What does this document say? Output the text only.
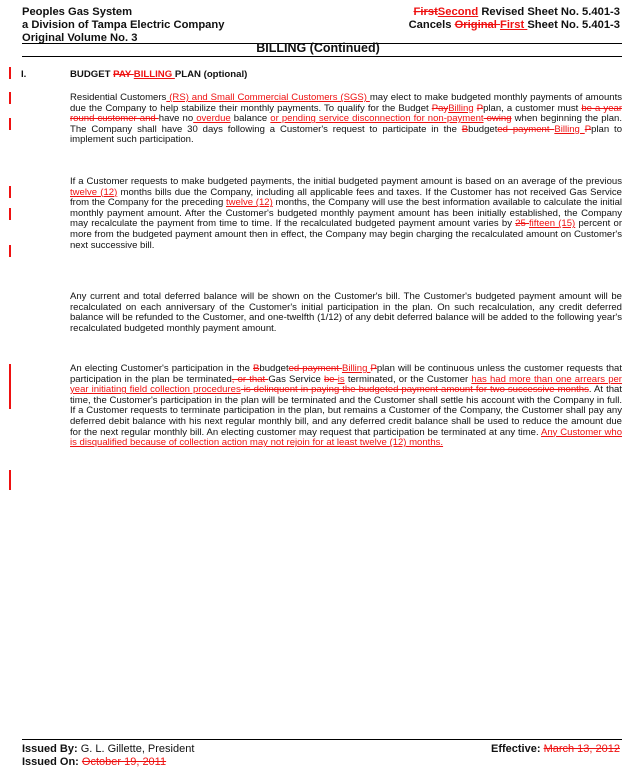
Peoples Gas System
a Division of Tampa Electric Company
Original Volume No. 3
FirstSecond Revised Sheet No. 5.401-3
Cancels Original First Sheet No. 5.401-3
BILLING (Continued)
I.	BUDGET PAY BILLING PLAN (optional)
Residential Customers (RS) and Small Commercial Customers (SGS) may elect to make budgeted monthly payments of amounts due the Company to help stabilize their monthly payments. To qualify for the Budget PayBilling Pplan, a customer must be a year round customer and have no overdue balance or pending service disconnection for non-payment owing when beginning the plan. The Company shall have 30 days following a Customer's request to participate in the Bbudgeted payment Billing Pplan to implement such participation.
If a Customer requests to make budgeted payments, the initial budgeted payment amount is based on an average of the previous twelve (12) months bills due the Company, including all applicable fees and taxes. If the Customer has not received Gas Service from the Company for the preceding twelve (12) months, the Company will use the best information available to calculate the initial monthly payment amount. After the Customer's budgeted monthly payment amount has been initially established, the Company may recalculate the payment from time to time. If the recalculated budgeted payment amount varies by 25 fifteen (15) percent or more from the budgeted payment amount then in effect, the Company may begin charging the recalculated amount on Customer's next successive bill.
Any current and total deferred balance will be shown on the Customer's bill. The Customer's budgeted payment amount will be recalculated on each anniversary of the Customer's initial participation in the plan. On such recalculation, any credit deferred balance will be refunded to the Customer, and one-twelfth (1/12) of any debit deferred balance will be added to the following year's recalculated budgeted monthly payment amount.
An electing Customer's participation in the Bbudgeted payment Billing Pplan will be continuous unless the customer requests that participation in the plan be terminated, or that Gas Service be is terminated, or the Customer has had more than one arrears per year initiating field collection procedures is delinquent in paying the budgeted payment amount for two successive months. At that time, the Customer's participation in the plan will be terminated and the Customer shall settle his account with the Company in full. If a Customer requests to terminate participation in the plan, but remains a Customer of the Company, the Customer shall pay any deferred debit balance with his next regular monthly bill, and any deferred credit balance shall be used to reduce the amount due for the next regular monthly bill. An electing customer may request that participation be terminated at any time. Any Customer who is disqualified because of collection action may not rejoin for at least twelve (12) months.
Issued By: G. L. Gillette, President
Issued On: October 19, 2011
Effective: March 13, 2012
